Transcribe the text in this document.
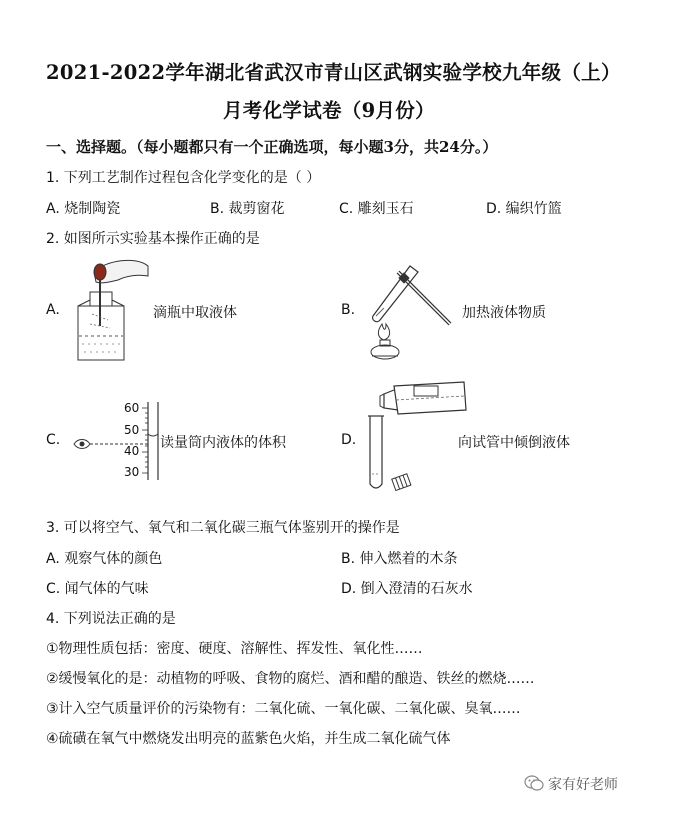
2021-2022学年湖北省武汉市青山区武钢实验学校九年级（上）
月考化学试卷（9月份）
一、选择题。（每小题都只有一个正确选项，每小题3分，共24分。）
1. 下列工艺制作过程包含化学变化的是（ ）
A. 烧制陶瓷	B. 裁剪窗花	C. 雕刻玉石	D. 编织竹篮
2. 如图所示实验基本操作正确的是
A.	滴瓶中取液体	B.	加热液体物质
C.
60
50
40
30
读量筒内液体的体积	D.	向试管中倾倒液体
3. 可以将空气、氧气和二氧化碳三瓶气体鉴别开的操作是
A. 观察气体的颜色	B. 伸入燃着的木条
C. 闻气体的气味	D. 倒入澄清的石灰水
4. 下列说法正确的是
①物理性质包括：密度、硬度、溶解性、挥发性、氧化性……
②缓慢氧化的是：动植物的呼吸、食物的腐烂、酒和醋的酿造、铁丝的燃烧……
③计入空气质量评价的污染物有：二氧化硫、一氧化碳、二氧化碳、臭氧……
④硫磺在氧气中燃烧发出明亮的蓝紫色火焰，并生成二氧化硫气体
家有好老师
